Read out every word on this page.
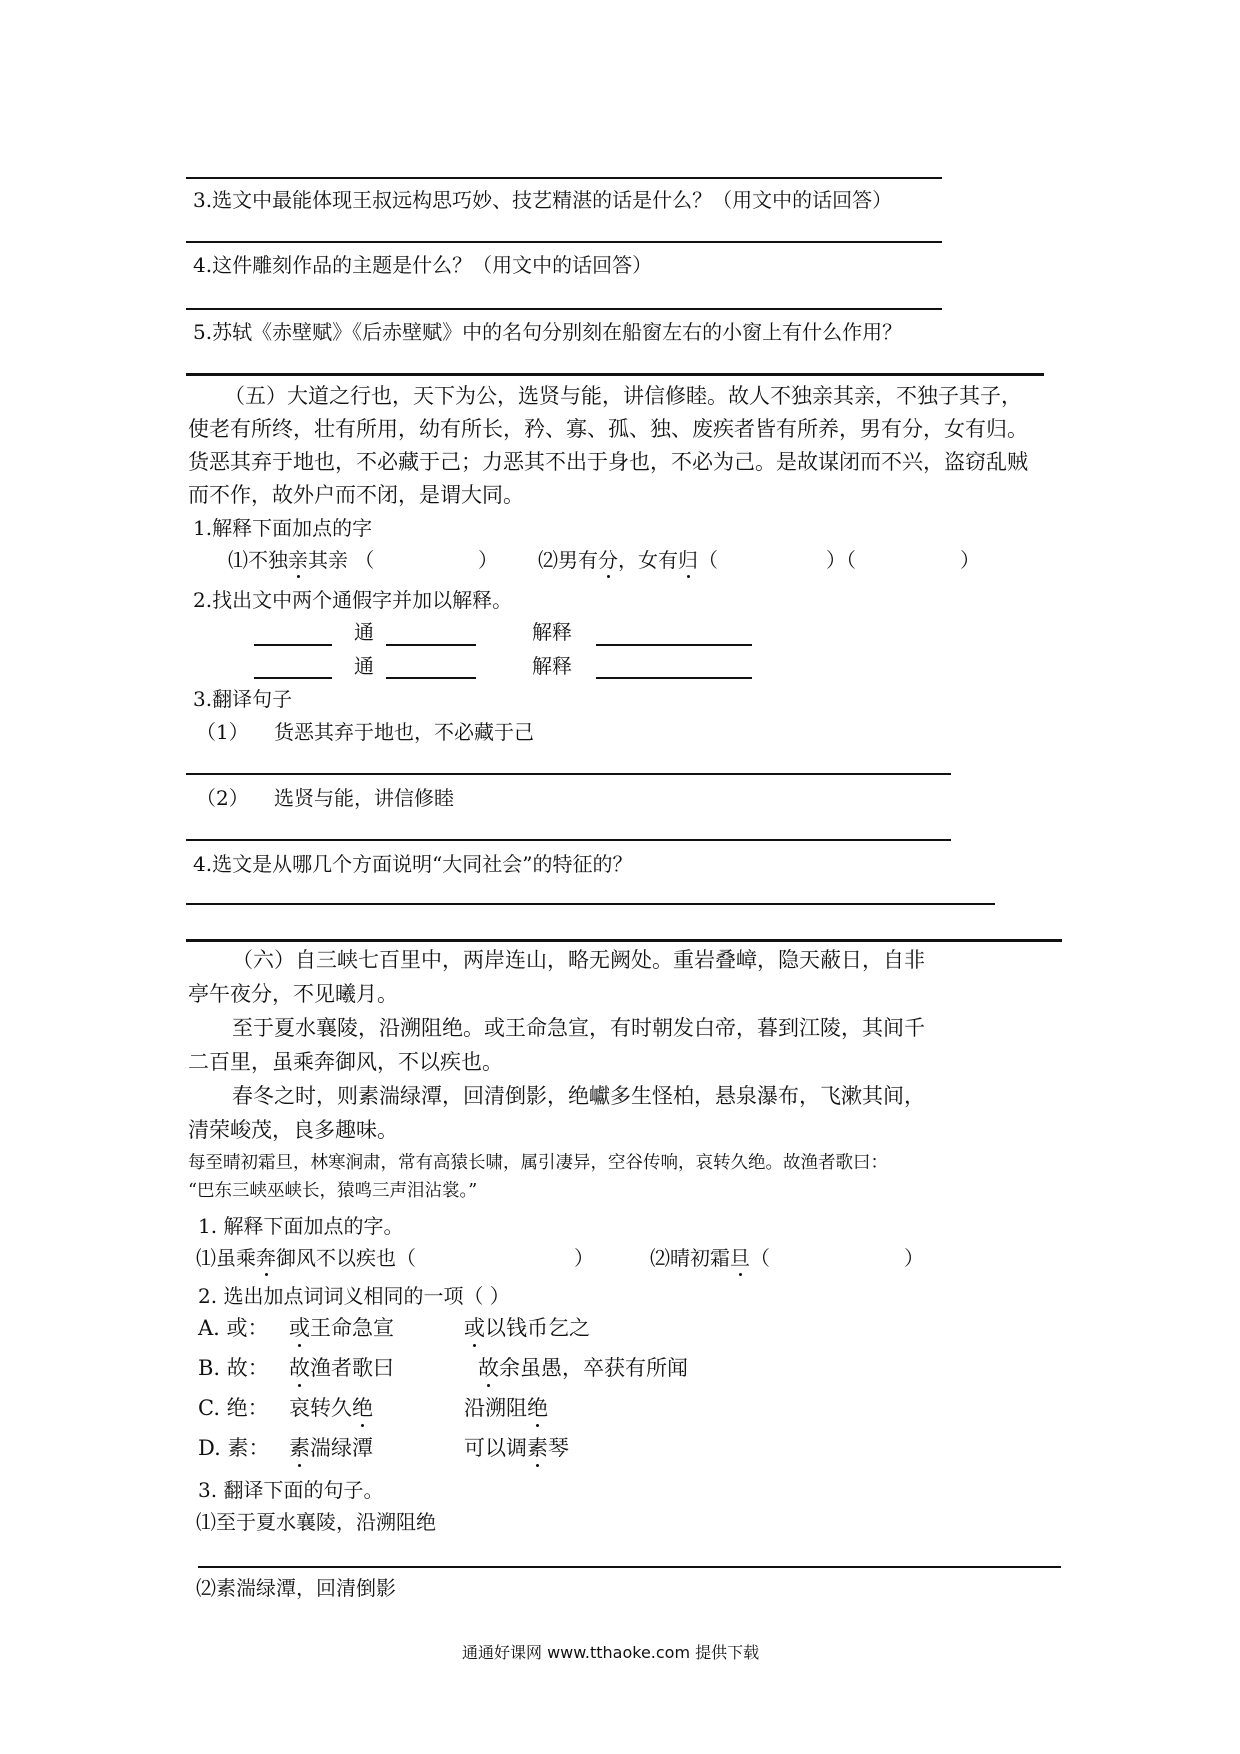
3.选文中最能体现王叔远构思巧妙、技艺精湛的话是什么？（用文中的话回答）
4.这件雕刻作品的主题是什么？（用文中的话回答）
5.苏轼《赤壁赋》《后赤壁赋》中的名句分别刻在船窗左右的小窗上有什么作用？
（五）大道之行也，天下为公，选贤与能，讲信修睦。故人不独亲其亲，不独子其子，
使老有所终，壮有所用，幼有所长，矜、寡、孤、独、废疾者皆有所养，男有分，女有归。
货恶其弃于地也，不必藏于己；力恶其不出于身也，不必为己。是故谋闭而不兴，盗窃乱贼
而不作，故外户而不闭，是谓大同。
1.解释下面加点的字
⑴不独亲其亲 （	） ⑵男有分，女有归（	）（	）
2.找出文中两个通假字并加以解释。
通	解释
通	解释
3.翻译句子
（1） 货恶其弃于地也，不必藏于己
（2） 选贤与能，讲信修睦
4.选文是从哪几个方面说明“大同社会”的特征的？
（六）自三峡七百里中，两岸连山，略无阙处。重岩叠嶂，隐天蔽日，自非
亭午夜分，不见曦月。
至于夏水襄陵，沿溯阻绝。或王命急宣，有时朝发白帝，暮到江陵，其间千
二百里，虽乘奔御风，不以疾也。
春冬之时，则素湍绿潭，回清倒影，绝巘多生怪柏，悬泉瀑布，飞漱其间，
清荣峻茂，良多趣味。
每至晴初霜旦，林寒涧肃，常有高猿长啸，属引凄异，空谷传响，哀转久绝。故渔者歌曰：
“巴东三峡巫峡长，猿鸣三声泪沾裳。”
1. 解释下面加点的字。
⑴虽乘奔御风不以疾也（	）	⑵晴初霜旦（	）
2. 选出加点词词义相同的一项（ ）
A. 或： 或王命急宣	或以钱币乞之
B. 故： 故渔者歌曰	故余虽愚，卒获有所闻
C. 绝： 哀转久绝	沿溯阻绝
D. 素： 素湍绿潭	可以调素琴
3. 翻译下面的句子。
⑴至于夏水襄陵，沿溯阻绝
⑵素湍绿潭，回清倒影
通通好课网 www.tthaoke.com 提供下载
